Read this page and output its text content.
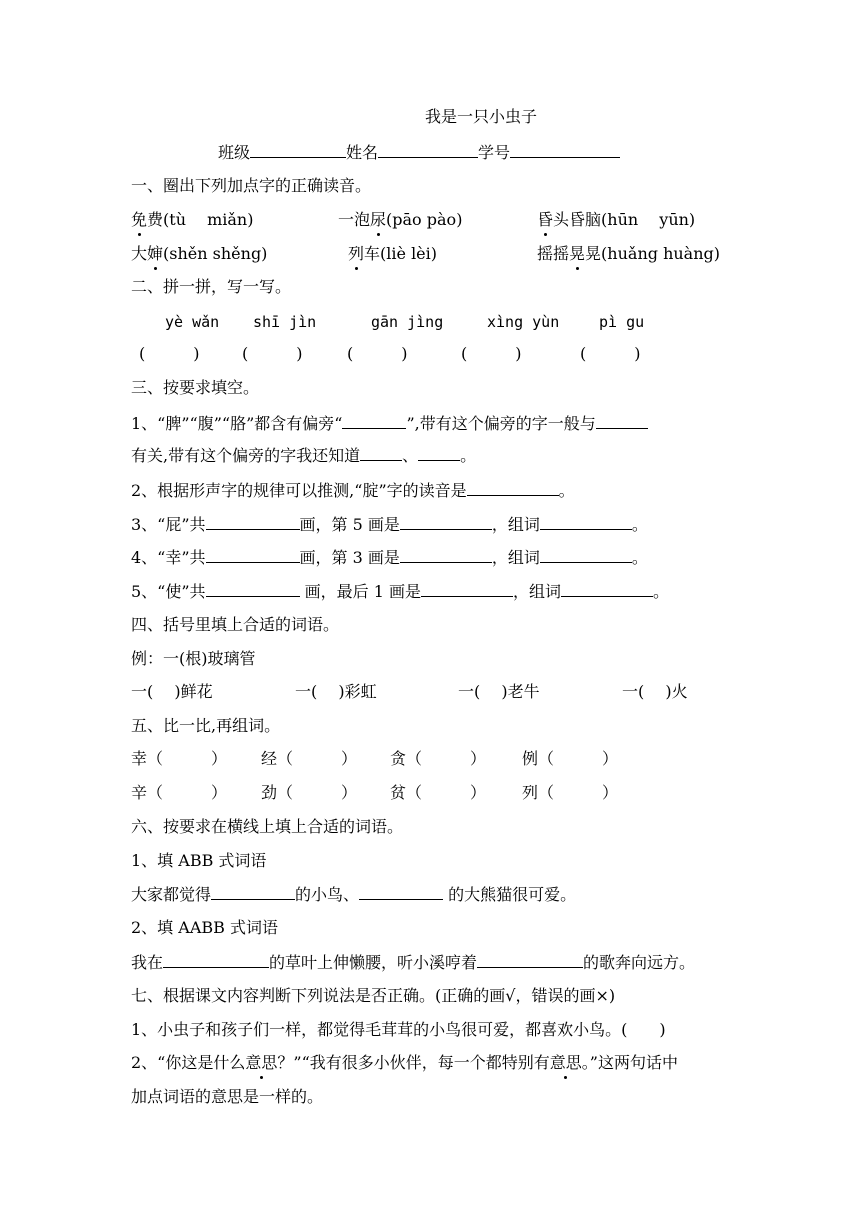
我是一只小虫子
班级	姓名	学号
一、圈出下列加点字的正确读音。
免费(tù　 miǎn)	一泡尿(pāo pào)	昏头昏脑(hūn　 yūn)
大婶(shěn shěng)	列车(liè lèi)	摇摇晃晃(huǎng huàng)
二、拼一拼，写一写。
yè wǎn shī jìn	gān jìng	xìng yùn	pì gu
(　　　)	(　　　)	(　　　)	(　　　)	(　　　)
三、按要求填空。
1、“脾”“腹”“胳”都含有偏旁“	”,带有这个偏旁的字一般与
有关,带有这个偏旁的字我还知道	、	。
2、根据形声字的规律可以推测,“腚”字的读音是	。
3、“屁”共	画，第 5 画是	，组词	。
4、“幸”共	画，第 3 画是	，组词	。
5、“使”共	画，最后 1 画是	，组词	。
四、括号里填上合适的词语。
例：一(根)玻璃管
一(　 )鲜花	一(　 )彩虹	一(　 )老牛	一(　 )火
五、比一比,再组词。
幸（　　　） 经（　　　） 贪（　　　） 例（　　　）
辛（　　　） 劲（　　　） 贫（　　　） 列（　　　）
六、按要求在横线上填上合适的词语。
1、填 ABB 式词语
大家都觉得	的小鸟、	的大熊猫很可爱。
2、填 AABB 式词语
我在	的草叶上伸懒腰，听小溪哼着	的歌奔向远方。
七、根据课文内容判断下列说法是否正确。(正确的画√，错误的画×)
1、小虫子和孩子们一样，都觉得毛茸茸的小鸟很可爱，都喜欢小鸟。(　　)
2、“你这是什么意思？”“我有很多小伙伴，每一个都特别有意思。”这两句话中
加点词语的意思是一样的。
